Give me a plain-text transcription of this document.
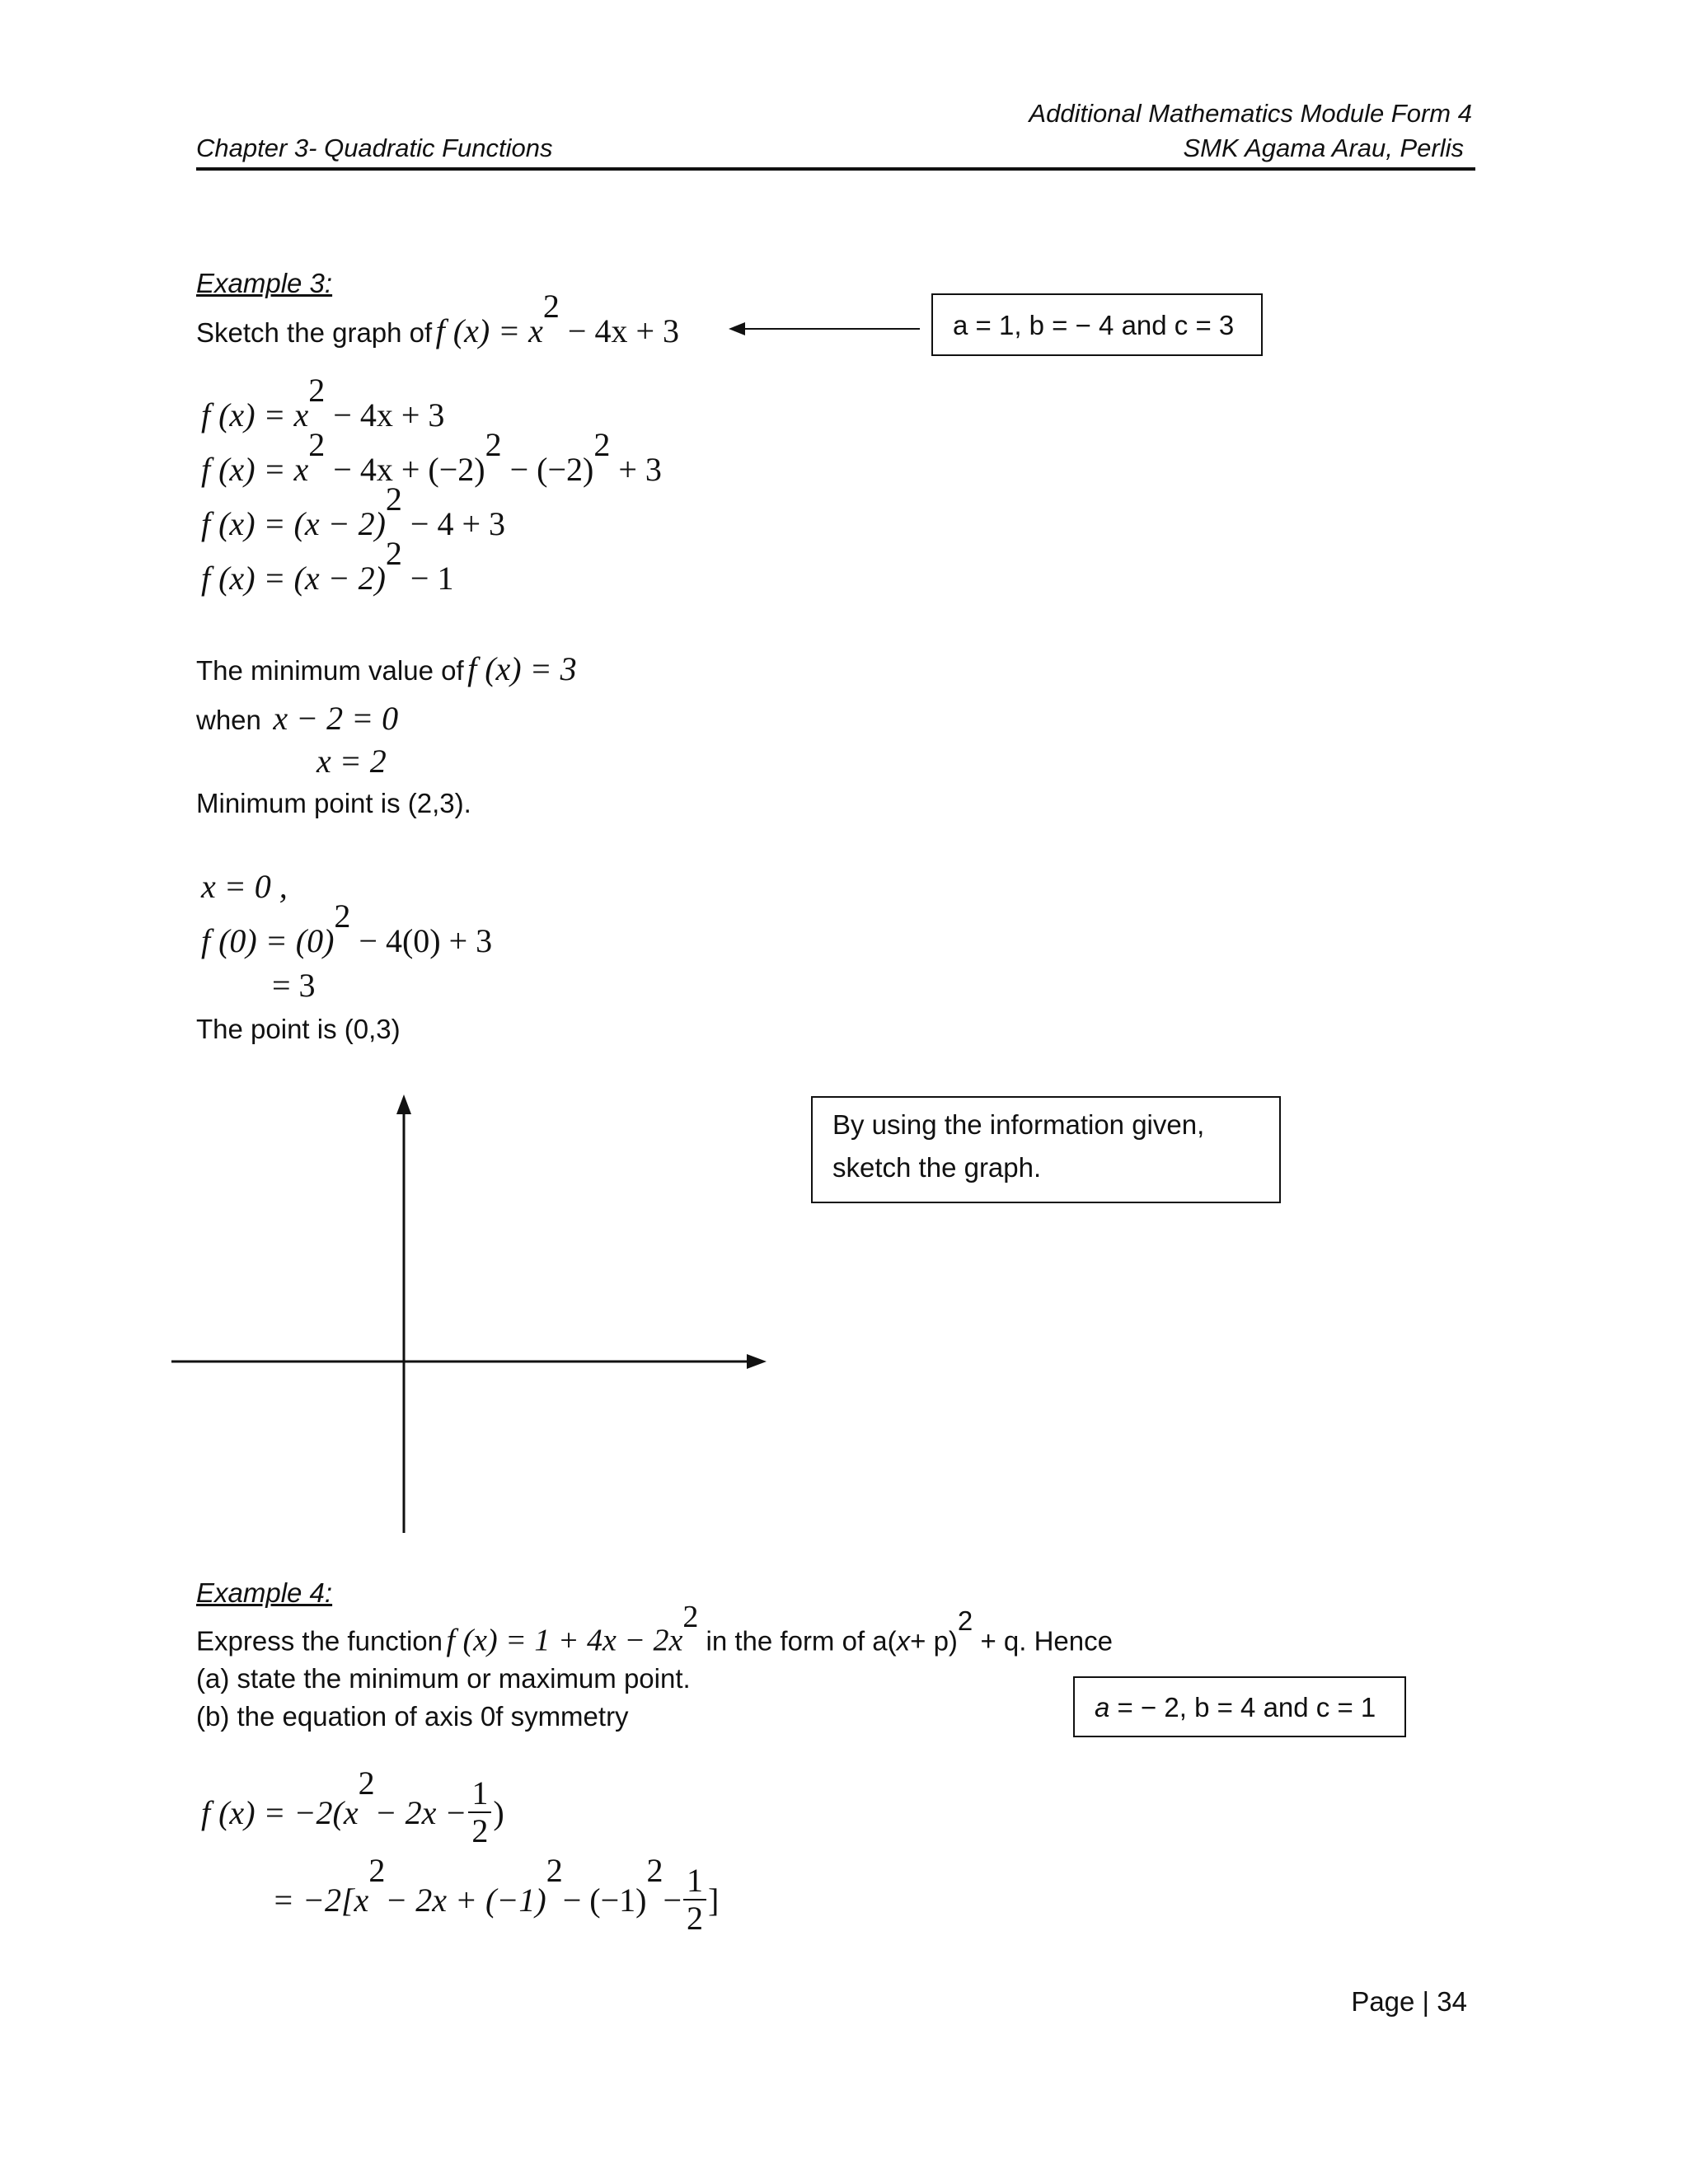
Additional Mathematics Module Form 4
Chapter 3- Quadratic Functions	SMK Agama Arau, Perlis
Example 3:
Sketch the graph of f $(x) = x^2 - 4x + 3$	a = 1, b = − 4 and c = 3
f $(x) = x^2 - 4x + 3$
f $(x) = x^2 - 4x + (-2)^2 - (-2)^2 + 3$
f $(x) = (x - 2)^2 - 4 + 3$
f $(x) = (x - 2)^2 - 1$
The minimum value of f (x) = 3
when x − 2 = 0
x = 2
Minimum point is (2,3).
x = 0 ,
f $(0) = (0)^2 - 4(0) + 3$
= 3
The point is (0,3)
By using the information given,
sketch the graph.
Example 4:
Express the function f $(x) = 1 + 4x - 2x^2$ in the form of $a(x+ p)^2 + q$. Hence
(a) state the minimum or maximum point.
(b) the equation of axis 0f symmetry	a = − 2, b = 4 and c = 1
f (x) = −2(x
2
− $2x - \frac{1}{2}$ )
= −2[x
2
− 2x + (−1)
2
− (−1)
2
− $\frac{1}{2}$ ]
Page | 34
